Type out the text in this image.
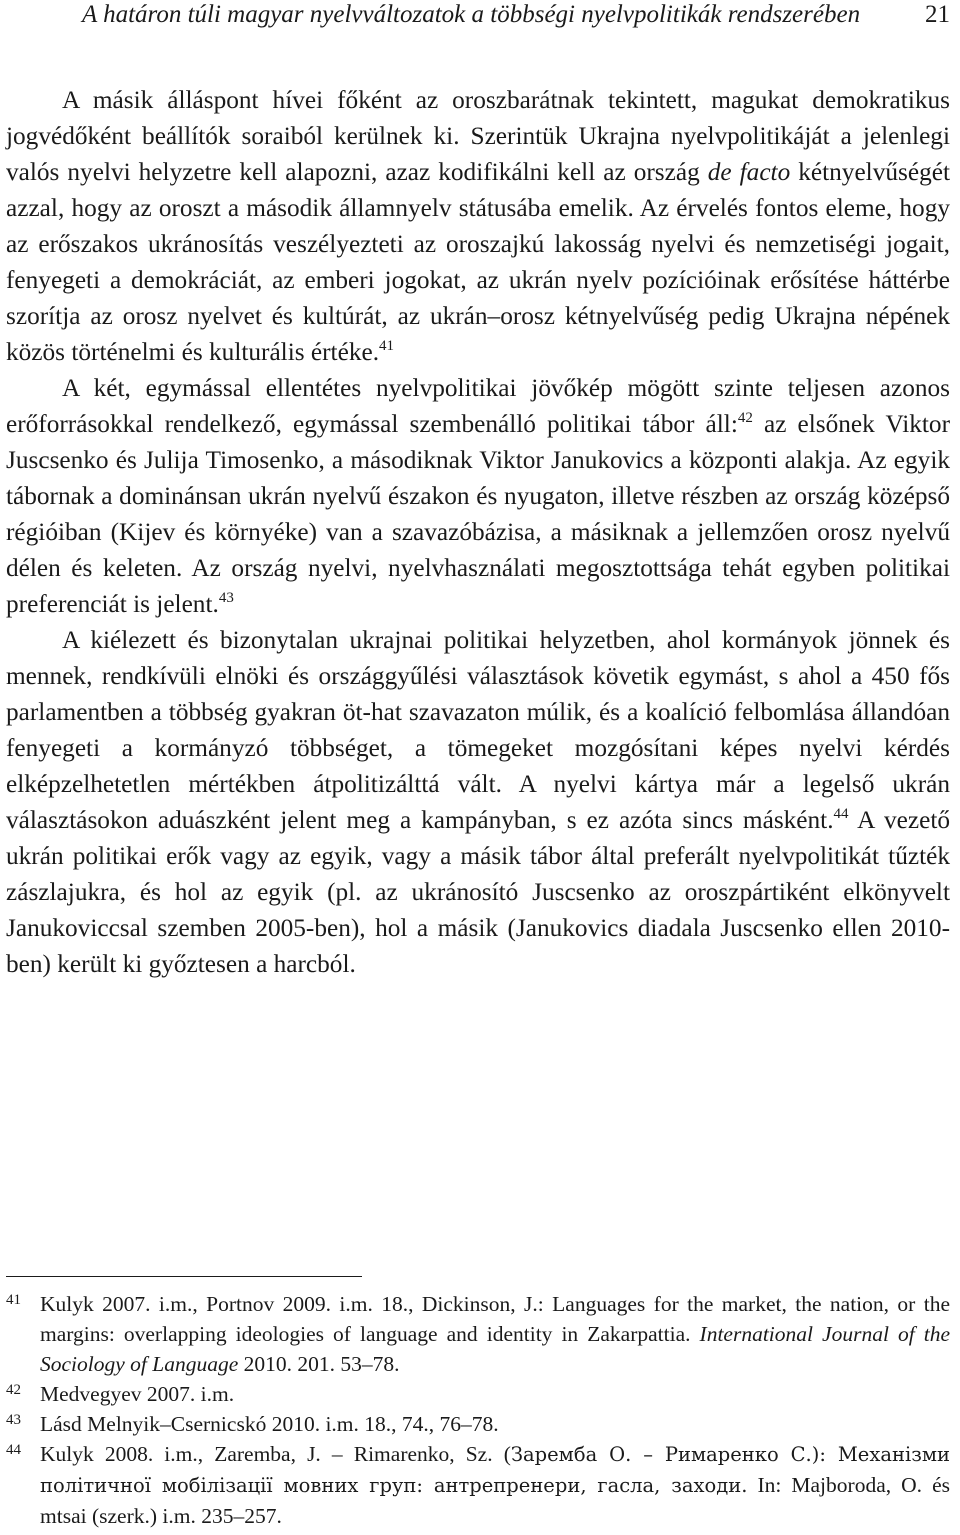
A határon túli magyar nyelvváltozatok a többségi nyelvpolitikák rendszerében	21

A másik álláspont hívei főként az oroszbarátnak tekintett, magukat demokratikus jogvédőként beállítók soraiból kerülnek ki. Szerintük Ukrajna nyelvpolitikáját a jelenlegi valós nyelvi helyzetre kell alapozni, azaz kodifikálni kell az ország de facto kétnyelvűségét azzal, hogy az oroszt a második államnyelv státusába emelik. Az érvelés fontos eleme, hogy az erőszakos ukránosítás veszélyezteti az oroszajkú lakosság nyelvi és nemzetiségi jogait, fenyegeti a demokráciát, az emberi jogokat, az ukrán nyelv pozícióinak erősítése háttérbe szorítja az orosz nyelvet és kultúrát, az ukrán–orosz kétnyelvűség pedig Ukrajna népének közös történelmi és kulturális értéke.$^{41}$

A két, egymással ellentétes nyelvpolitikai jövőkép mögött szinte teljesen azonos erőforrásokkal rendelkező, egymással szembenálló politikai tábor áll:$^{42}$ az elsőnek Viktor Juscsenko és Julija Timosenko, a másodiknak Viktor Janukovics a központi alakja. Az egyik tábornak a dominánsan ukrán nyelvű északon és nyugaton, illetve részben az ország középső régióiban (Kijev és környéke) van a szavazóbázisa, a másiknak a jellemzően orosz nyelvű délen és keleten. Az ország nyelvi, nyelvhasználati megosztottsága tehát egyben politikai preferenciát is jelent.$^{43}$

A kiélezett és bizonytalan ukrajnai politikai helyzetben, ahol kormányok jönnek és mennek, rendkívüli elnöki és országgyűlési választások követik egymást, s ahol a 450 fős parlamentben a többség gyakran öt-hat szavazaton múlik, és a koalíció felbomlása állandóan fenyegeti a kormányzó többséget, a tömegeket mozgósítani képes nyelvi kérdés elképzelhetetlen mértékben átpolitizálttá vált. A nyelvi kártya már a legelső ukrán választásokon aduászként jelent meg a kampányban, s ez azóta sincs másként.$^{44}$ A vezető ukrán politikai erők vagy az egyik, vagy a másik tábor által preferált nyelvpolitikát tűzték zászlajukra, és hol az egyik (pl. az ukránosító Juscsenko az oroszpártiként elkönyvelt Janukoviccsal szemben 2005-ben), hol a másik (Janukovics diadala Juscsenko ellen 2010-ben) került ki győztesen a harcból.

41 Kulyk 2007. i.m., Portnov 2009. i.m. 18., Dickinson, J.: Languages for the market, the nation, or the margins: overlapping ideologies of language and identity in Zakarpattia. International Journal of the Sociology of Language 2010. 201. 53–78.
42 Medvegyev 2007. i.m.
43 Lásd Melnyik–Csernicskó 2010. i.m. 18., 74., 76–78.
44 Kulyk 2008. i.m., Zaremba, J. – Rimarenko, Sz. (Заремба О. – Римаренко С.): Механізми політичної мобілізації мовних груп: антрепренери, гасла, заходи. In: Majboroda, O. és mtsai (szerk.) i.m. 235–257.
